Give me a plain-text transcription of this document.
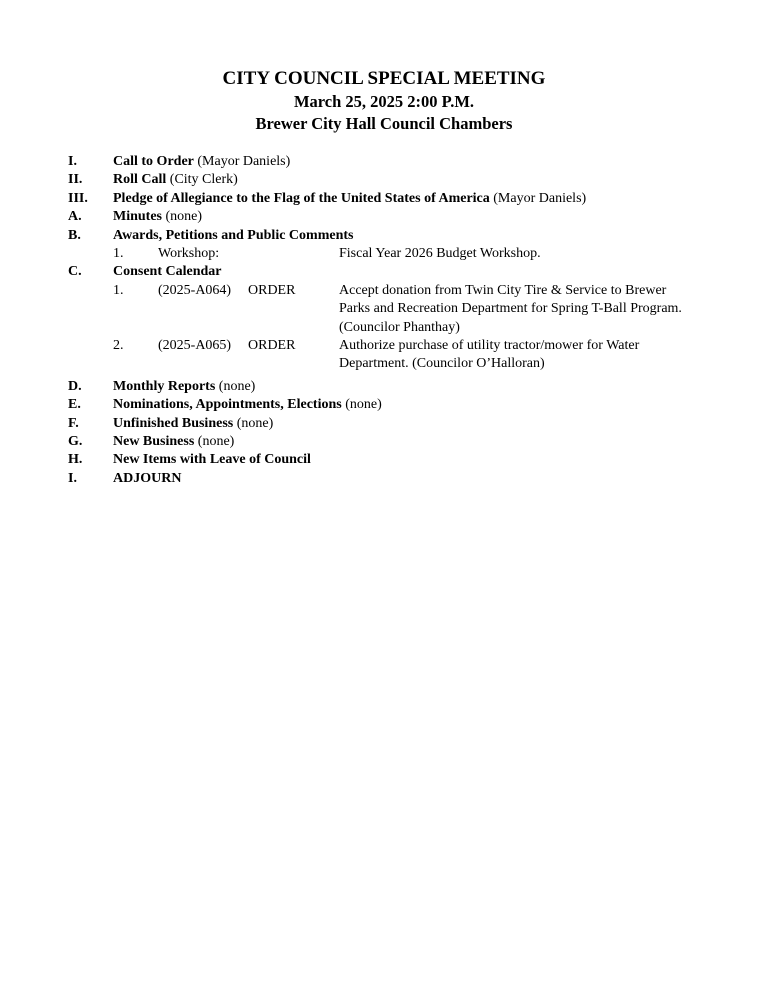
CITY COUNCIL SPECIAL MEETING
March 25, 2025 2:00 P.M.
Brewer City Hall Council Chambers
I.	Call to Order (Mayor Daniels)
II. Roll Call (City Clerk)
III. Pledge of Allegiance to the Flag of the United States of America (Mayor Daniels)
A. Minutes (none)
B. Awards, Petitions and Public Comments
1. Workshop:	Fiscal Year 2026 Budget Workshop.
C. Consent Calendar
1. (2025-A064) ORDER	Accept donation from Twin City Tire & Service to Brewer Parks and Recreation Department for Spring T-Ball Program. (Councilor Phanthay)
2. (2025-A065) ORDER	Authorize purchase of utility tractor/mower for Water Department. (Councilor O’Halloran)
D. Monthly Reports (none)
E. Nominations, Appointments, Elections (none)
F. Unfinished Business (none)
G. New Business (none)
H. New Items with Leave of Council
I.	ADJOURN
